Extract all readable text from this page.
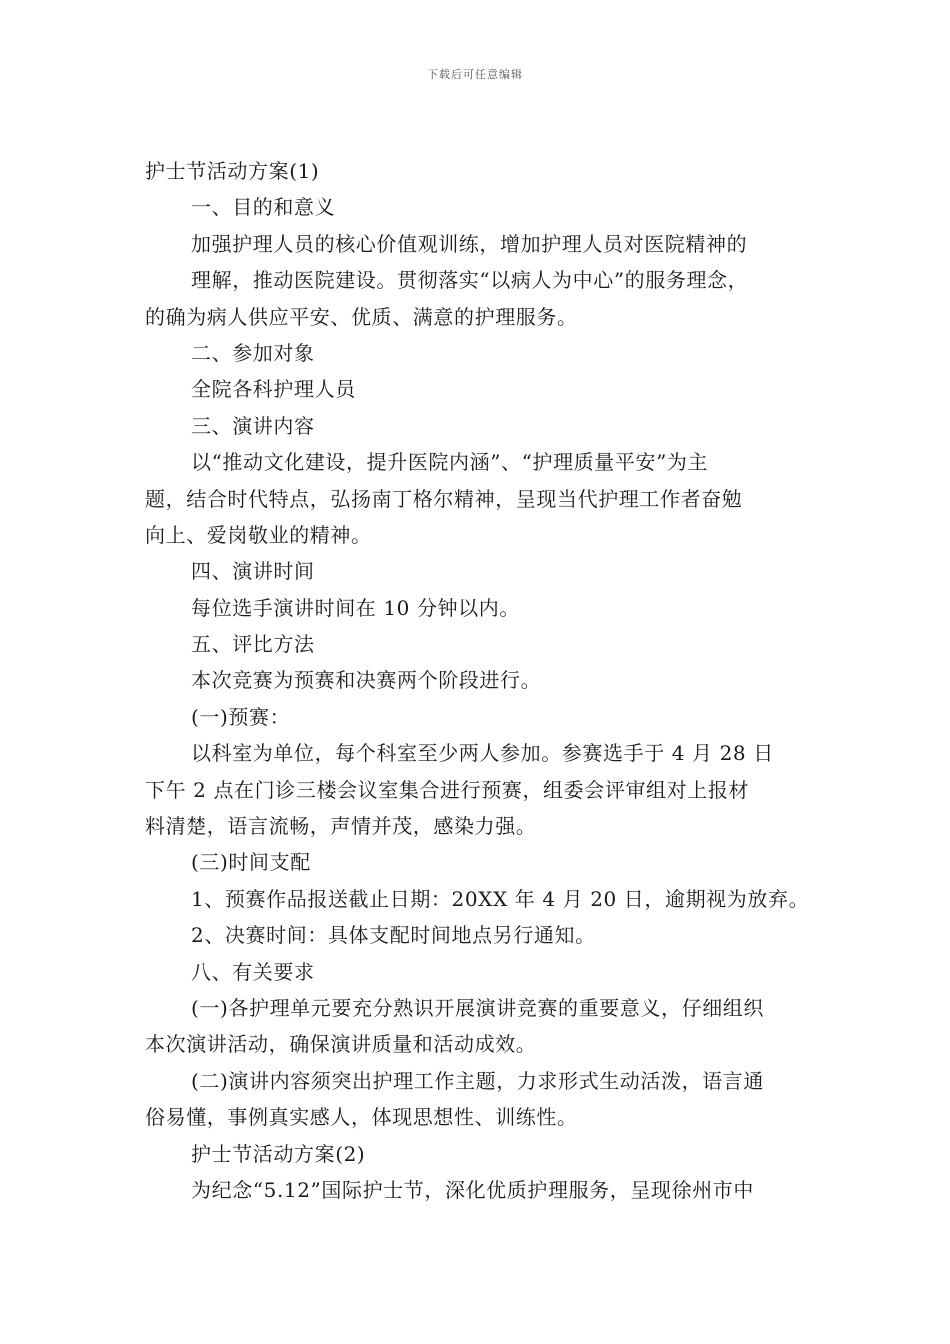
下载后可任意编辑
护士节活动方案(1)
一、目的和意义
加强护理人员的核心价值观训练，增加护理人员对医院精神的
理解，推动医院建设。贯彻落实“以病人为中心”的服务理念，
的确为病人供应平安、优质、满意的护理服务。
二、参加对象
全院各科护理人员
三、演讲内容
以“推动文化建设，提升医院内涵”、“护理质量平安”为主
题，结合时代特点，弘扬南丁格尔精神，呈现当代护理工作者奋勉
向上、爱岗敬业的精神。
四、演讲时间
每位选手演讲时间在 10 分钟以内。
五、评比方法
本次竞赛为预赛和决赛两个阶段进行。
(一)预赛：
以科室为单位，每个科室至少两人参加。参赛选手于 4 月 28 日
下午 2 点在门诊三楼会议室集合进行预赛，组委会评审组对上报材
料清楚，语言流畅，声情并茂，感染力强。
(三)时间支配
1、预赛作品报送截止日期：20XX 年 4 月 20 日，逾期视为放弃。
2、决赛时间：具体支配时间地点另行通知。
八、有关要求
(一)各护理单元要充分熟识开展演讲竞赛的重要意义，仔细组织
本次演讲活动，确保演讲质量和活动成效。
(二)演讲内容须突出护理工作主题，力求形式生动活泼，语言通
俗易懂，事例真实感人，体现思想性、训练性。
护士节活动方案(2)
为纪念“5.12”国际护士节，深化优质护理服务，呈现徐州市中
